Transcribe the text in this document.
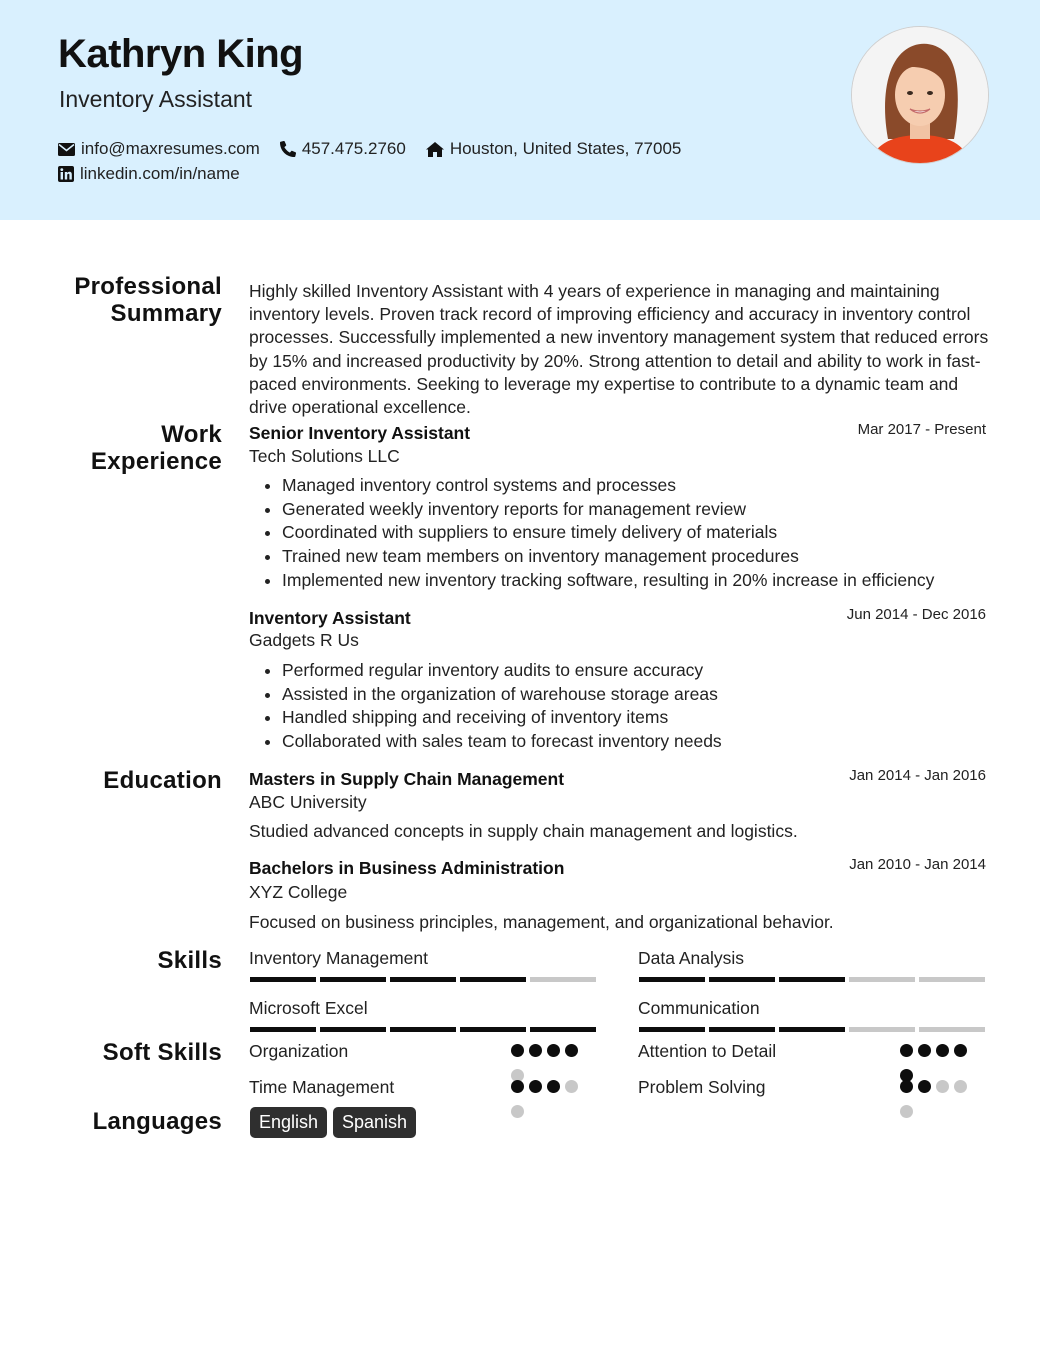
Kathryn King
Inventory Assistant
info@maxresumes.com 457.475.2760	Houston, United States, 77005
linkedin.com/in/name
Professional
Summary
Highly skilled Inventory Assistant with 4 years of experience in managing and maintaining inventory levels. Proven track record of improving efficiency and accuracy in inventory control processes. Successfully implemented a new inventory management system that reduced errors by 15% and increased productivity by 20%. Strong attention to detail and ability to work in fast-paced environments. Seeking to leverage my expertise to contribute to a dynamic team and drive operational excellence.
Work
Experience
Senior Inventory Assistant	Mar 2017 - Present
Tech Solutions LLC
• Managed inventory control systems and processes
• Generated weekly inventory reports for management review
• Coordinated with suppliers to ensure timely delivery of materials
• Trained new team members on inventory management procedures
• Implemented new inventory tracking software, resulting in 20% increase in efficiency
Inventory Assistant	Jun 2014 - Dec 2016
Gadgets R Us
• Performed regular inventory audits to ensure accuracy
• Assisted in the organization of warehouse storage areas
• Handled shipping and receiving of inventory items
• Collaborated with sales team to forecast inventory needs
Education Masters in Supply Chain Management	Jan 2014 - Jan 2016
ABC University
Studied advanced concepts in supply chain management and logistics.
Bachelors in Business Administration	Jan 2010 - Jan 2014
XYZ College
Focused on business principles, management, and organizational behavior.
Skills Inventory Management	Data Analysis
Microsoft Excel	Communication
Soft Skills Organization	Attention to Detail
Time Management	Problem Solving
Languages	English	Spanish
